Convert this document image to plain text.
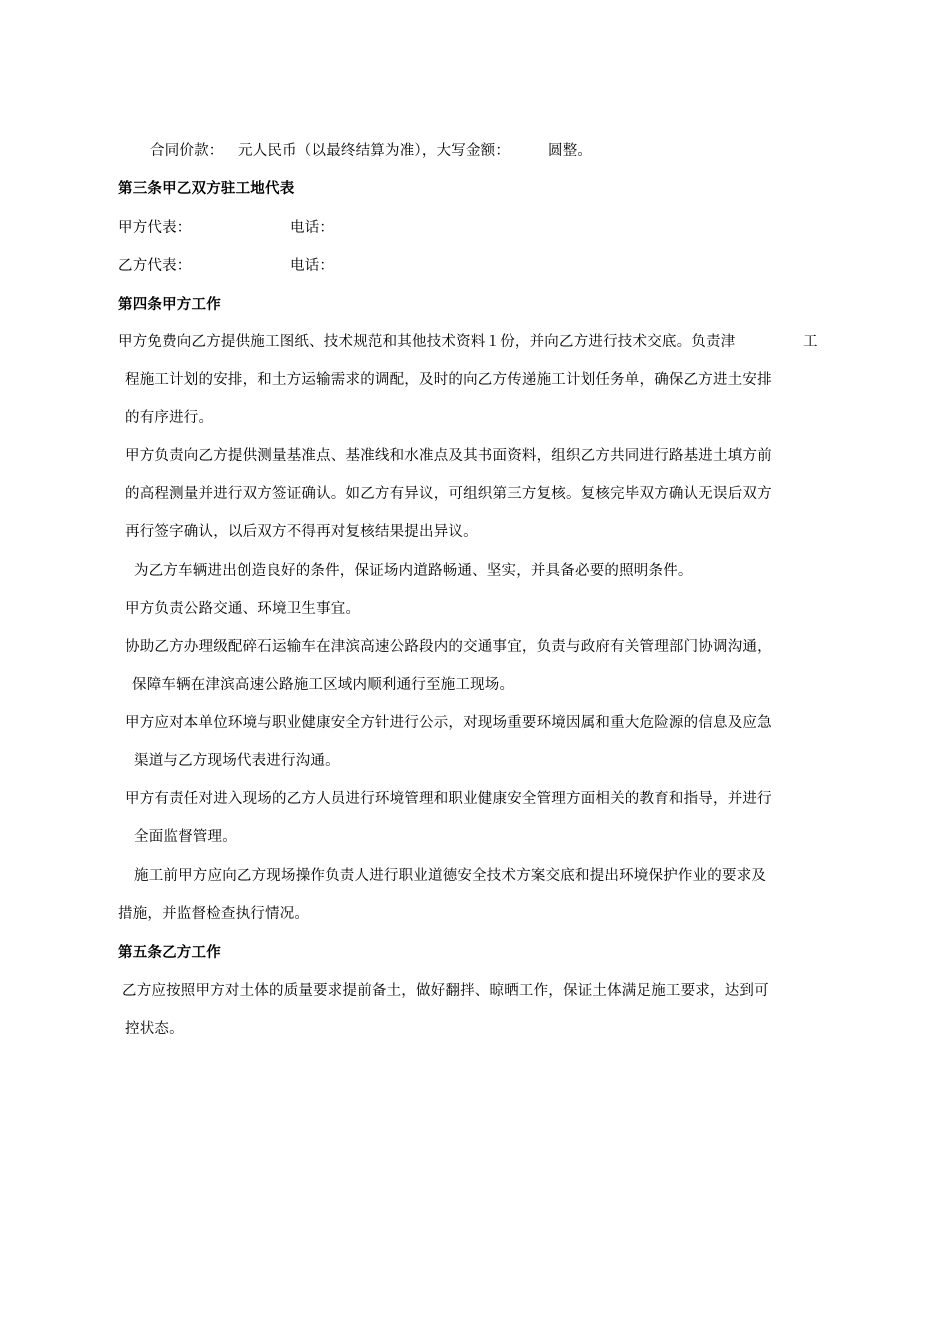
合同价款： 元人民币（以最终结算为准），大写金额：	圆整。
第三条甲乙双方驻工地代表
甲方代表：	电话：
乙方代表：	电话：
第四条甲方工作
甲方免费向乙方提供施工图纸、技术规范和其他技术资料１份，并向乙方进行技术交底。负责津	工
程施工计划的安排，和土方运输需求的调配，及时的向乙方传递施工计划任务单，确保乙方进土安排
的有序进行。
甲方负责向乙方提供测量基准点、基准线和水准点及其书面资料，组织乙方共同进行路基进土填方前
的高程测量并进行双方签证确认。如乙方有异议，可组织第三方复核。复核完毕双方确认无误后双方
再行签字确认，以后双方不得再对复核结果提出异议。
为乙方车辆进出创造良好的条件，保证场内道路畅通、坚实，并具备必要的照明条件。
甲方负责公路交通、环境卫生事宜。
协助乙方办理级配碎石运输车在津滨高速公路段内的交通事宜，负责与政府有关管理部门协调沟通，
保障车辆在津滨高速公路施工区域内顺利通行至施工现场。
甲方应对本单位环境与职业健康安全方针进行公示，对现场重要环境因属和重大危险源的信息及应急
渠道与乙方现场代表进行沟通。
甲方有责任对进入现场的乙方人员进行环境管理和职业健康安全管理方面相关的教育和指导，并进行
全面监督管理。
施工前甲方应向乙方现场操作负责人进行职业道德安全技术方案交底和提出环境保护作业的要求及
措施，并监督检查执行情况。
第五条乙方工作
乙方应按照甲方对土体的质量要求提前备土，做好翻拌、晾晒工作，保证土体满足施工要求，达到可
控状态。
